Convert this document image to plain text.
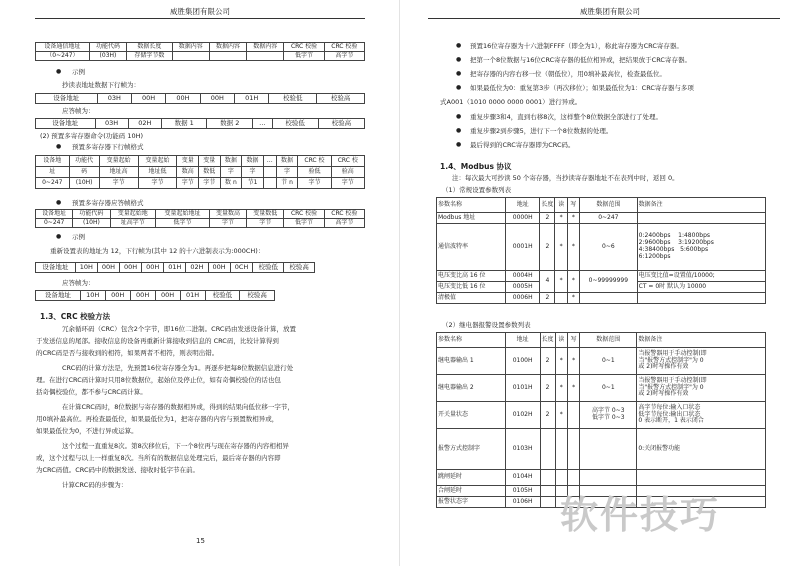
威胜集团有限公司
设备通信地址	功能代码	数据长度	数据内容	数据内容	数据内容	CRC 校验	CRC 校验
（0~247）	(03H)	存储字节数				低字节	高字节
● 示例
抄读表地址数据下行帧为：
设备地址	03H	00H	00H	00H	01H	校验低	校验高
应答帧为：
设备地址	03H	02H	数据 1	数据 2	…	校验低	校验高
(2) 预置多寄存器命令(功能码 10H)
● 预置多寄存器下行帧格式
设备地	功能代	变量起始	变量起始	变量	变量	数据	数据	…	数据	CRC 校	CRC 校
址	码	地址高	地址低	数高	数低	字	字		字	验低	验高
0~247	(10H)	字节	字节	字节	字节	数 n	节1		节 n	字节	字节
● 预置多寄存器应答帧格式
设备地址	功能代码	变量起始地	变量起始地址	变量数高	变量数低	CRC 校验	CRC 校验
0~247	(10H)	址高字节	低字节	字节	字节	低字节	高字节
● 示例
重新设置表的地址为 12，下行帧为(其中 12 的十六进制表示为:000CH)：
设备地址	10H	00H	00H	00H	01H	02H	00H	0CH	校验低	校验高
应答帧为：
设备地址	10H	00H	00H	00H	01H	校验低	校验高
1.3、CRC 校验方法
冗余循环码（CRC）包含2个字节，即16位二进制。CRC码由发送设备计算，放置
于发送信息的尾部。接收信息的设备再重新计算接收到信息的 CRC码，比较计算得到
的CRC码是否与接收到的相符，如果两者不相符，则表明出错。
CRC码的计算方法是，先预置16位寄存器全为1。再逐步把每8位数据信息进行处
理。在进行CRC码计算时只用8位数据位，起始位及停止位，如有奇偶校验位的话也包
括奇偶校验位，都不参与CRC码计算。
在计算CRC码时，8位数据与寄存器的数据相异或，得到的结果向低位移一字节，
用0填补最高位。再检查最低位，如果最低位为1，把寄存器的内容与预置数相异或，
如果最低位为0，不进行异或运算。
这个过程一直重复8次。第8次移位后，下一个8位再与现在寄存器的内容相相异
或，这个过程与以上一样重复8次。当所有的数据信息处理完后，最后寄存器的内容即
为CRC码值。CRC码中的数据发送、接收时低字节在前。
计算CRC码的步骤为：
15
威胜集团有限公司
● 预置16位寄存器为十六进制FFFF（即全为1），称此寄存器为CRC寄存器。
● 把第一个8位数据与16位CRC寄存器的低位相异或，把结果放于CRC寄存器。
● 把寄存器的内容右移一位（朝低位），用0填补最高位，检查最低位。
● 如果最低位为0：重复第3步（再次移位）；如果最低位为1：CRC寄存器与多项
式A001（1010 0000 0000 0001）进行异或。
● 重复步骤3和4，直到右移8次，这样整个8位数据全部进行了处理。
● 重复步骤2到步骤5，进行下一个8位数据的处理。
● 最后得到的CRC寄存器即为CRC码。
1.4、Modbus 协议
注：每次最大可抄读 50 个寄存器，当抄读寄存器地址不在表列中时，返回 0。
（1）常规设置参数列表
参数名称	地址	长度	读	写	数据范围	数据备注
Modbus 地址	0000H	2	*	*	0~247	
通信波特率	0001H	2	*	*	0~6	0:2400bps    1:4800bps
2:9600bps    3:19200bps
4:38400bps   5:600bps
6:1200bps
电压变比高 16 位	0004H	4	*	*	0~99999999	电压变比值=设置值/10000;
电压变比低 16 位	0005H					CT = 0时 默认为 10000
清极值	0006H	2		*		
（2）继电器报警设置参数列表
参数名称	地址	长度	读	写	数据范围	数据备注
继电器输出 1	0100H	2	*	*	0~1	当报警器用于手动控制(即
当"报警方式控制字"为 0
或 2)时写操作有效
继电器输出 2	0101H	2	*	*	0~1	当报警器用于手动控制(即
当"报警方式控制字"为 0
或 2)时写操作有效
开关量状态	0102H	2	*		高字节 0~3
低字节 0~3	高字节每位:输入口状态
低字节每位:输出口状态
0 表示断开，1 表示闭合
报警方式控制字	0103H					0:关闭报警功能
跳闸延时	0104H					
合闸延时	0105H					
报警状态字	0106H					软件技巧
